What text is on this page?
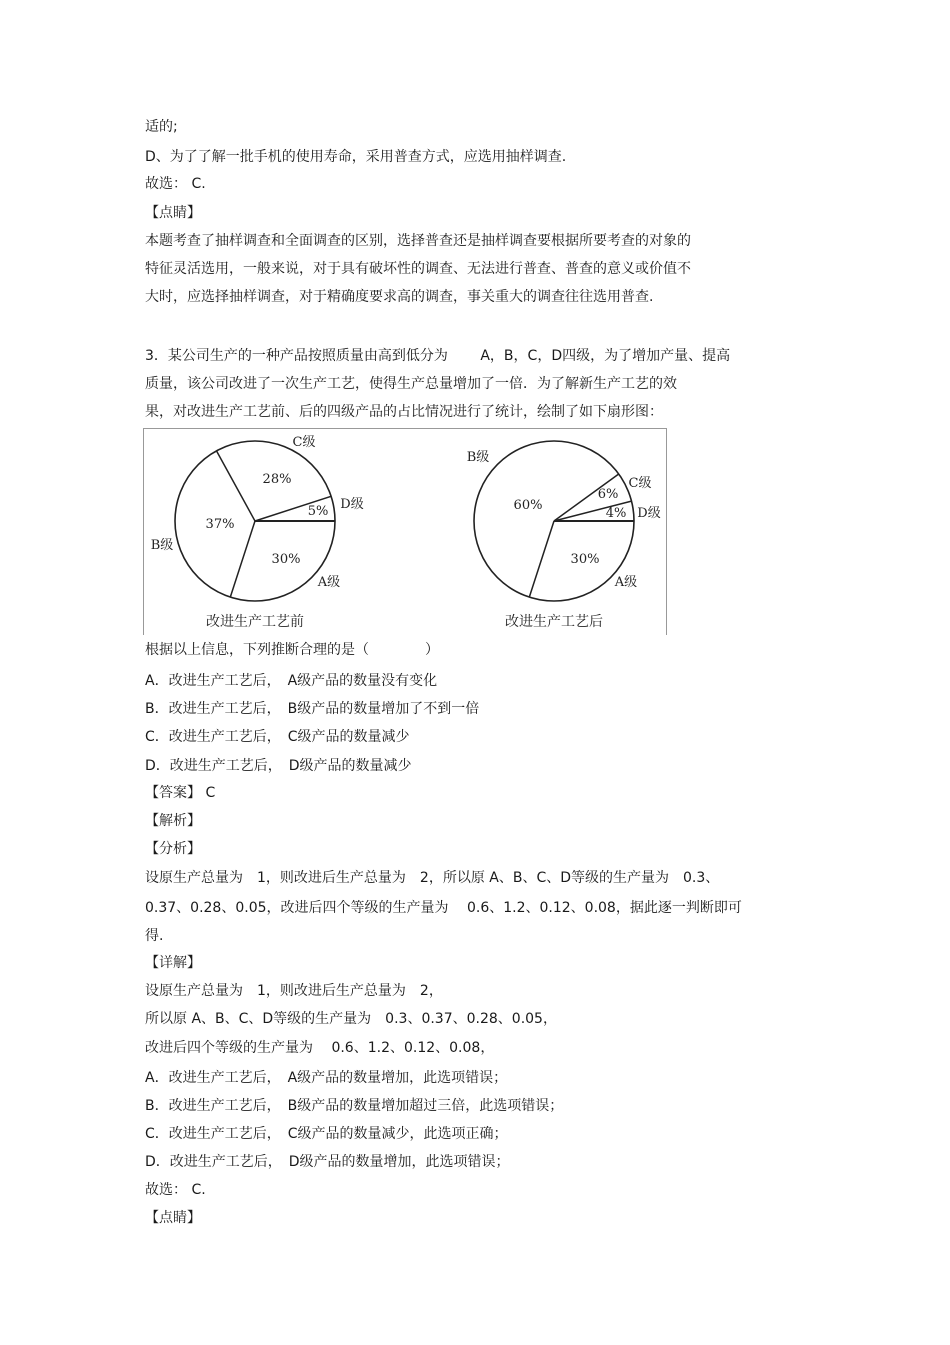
适的;
D、为了了解一批手机的使用寿命，采用普查方式，应选用抽样调查.
故选： C.
【点睛】
本题考查了抽样调查和全面调查的区别，选择普查还是抽样调查要根据所要考查的对象的
特征灵活选用，一般来说，对于具有破坏性的调查、无法进行普查、普查的意义或价值不
大时，应选择抽样调查，对于精确度要求高的调查，事关重大的调查往往选用普查.
3．某公司生产的一种产品按照质量由高到低分为　　 A，B，C，D四级，为了增加产量、提高
质量，该公司改进了一次生产工艺，使得生产总量增加了一倍．为了解新生产工艺的效
果，对改进生产工艺前、后的四级产品的占比情况进行了统计，绘制了如下扇形图：
30%
37%
28%
5%
A级
B级
C级
D级
改进生产工艺前
30%
60%
6%
4%
A级
B级
C级
D级
改进生产工艺后
根据以上信息，下列推断合理的是（　　　　）
A．改进生产工艺后，　A级产品的数量没有变化
B．改进生产工艺后，　B级产品的数量增加了不到一倍
C．改进生产工艺后，　C级产品的数量减少
D．改进生产工艺后，　D级产品的数量减少
【答案】 C
【解析】
【分析】
设原生产总量为　1，则改进后生产总量为　2，所以原 A、B、C、D等级的生产量为　0.3、
0.37、0.28、0.05，改进后四个等级的生产量为　 0.6、1.2、0.12、0.08，据此逐一判断即可
得.
【详解】
设原生产总量为　1，则改进后生产总量为　2，
所以原 A、B、C、D等级的生产量为　0.3、0.37、0.28、0.05，
改进后四个等级的生产量为　 0.6、1.2、0.12、0.08，
A．改进生产工艺后，　A级产品的数量增加，此选项错误；
B．改进生产工艺后，　B级产品的数量增加超过三倍，此选项错误；
C．改进生产工艺后，　C级产品的数量减少，此选项正确；
D．改进生产工艺后，　D级产品的数量增加，此选项错误；
故选： C.
【点睛】
